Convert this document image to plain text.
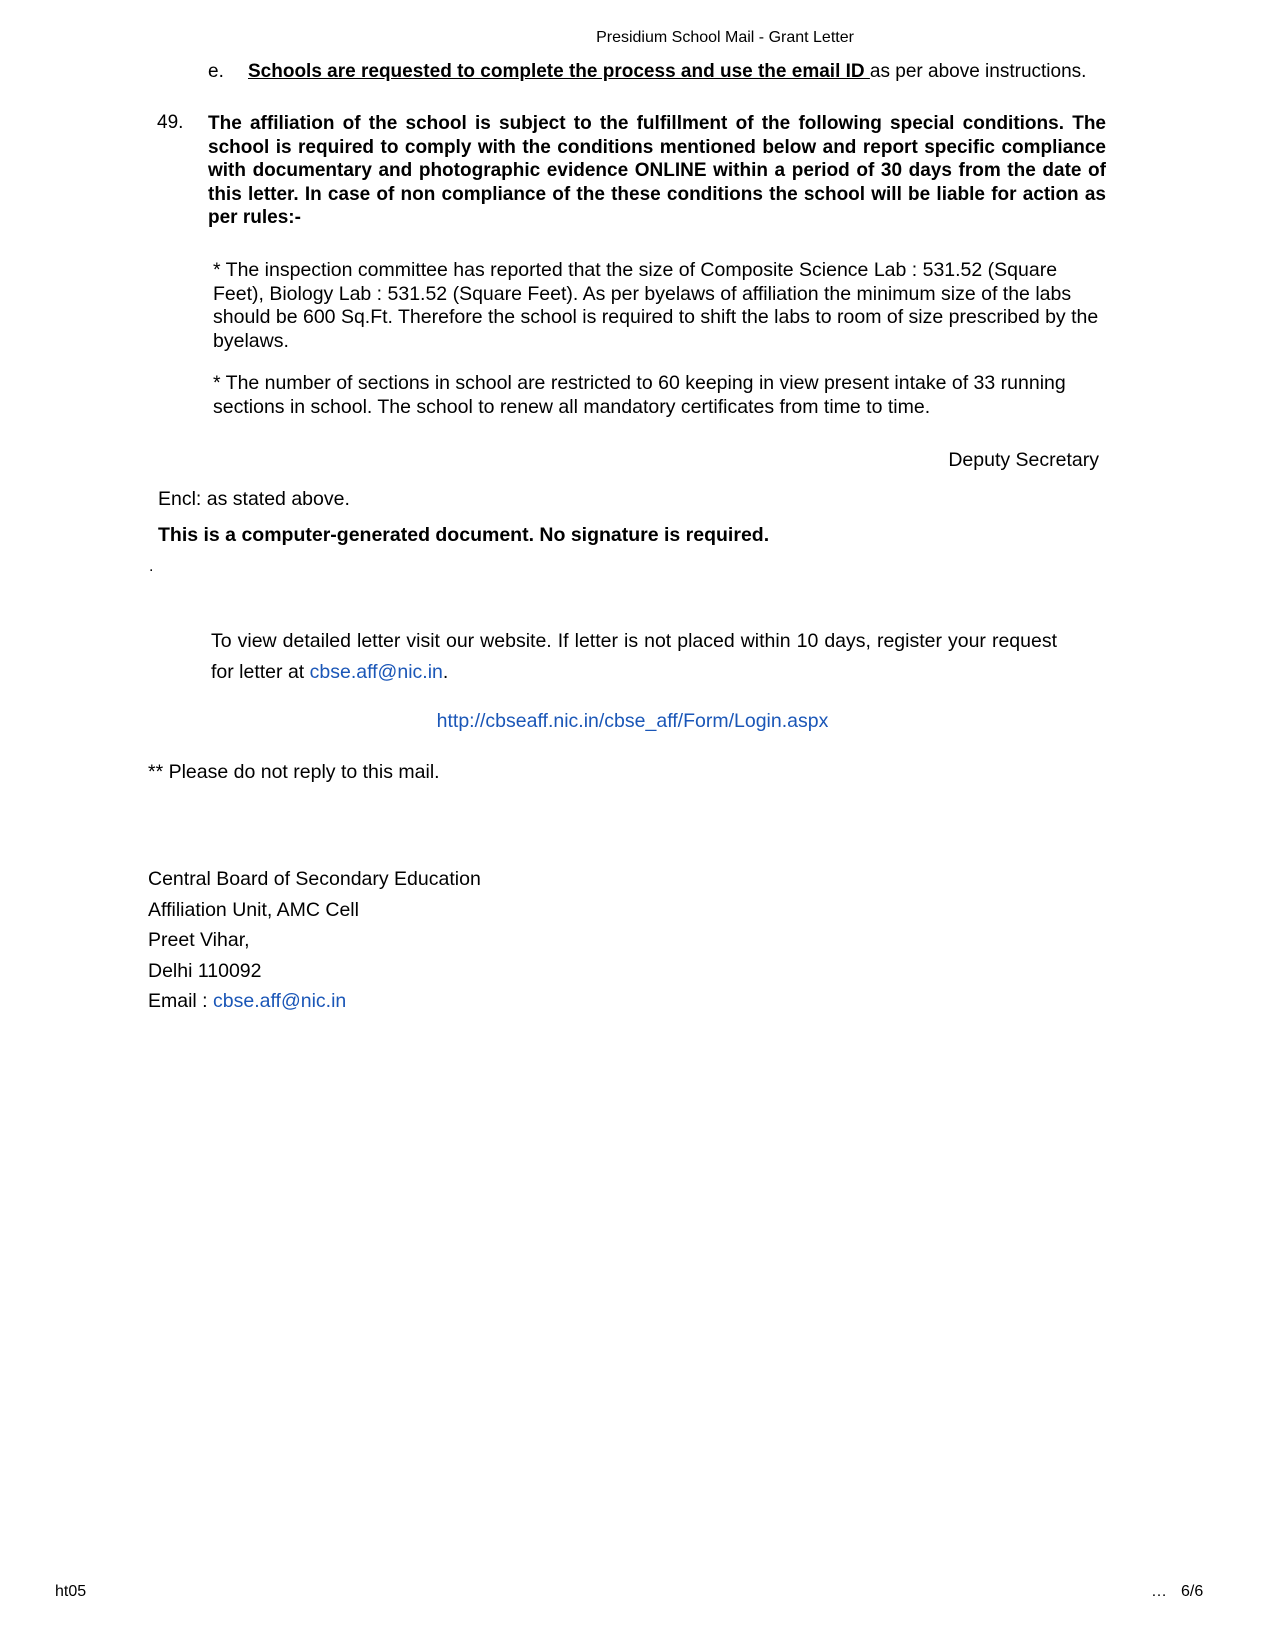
Presidium School Mail - Grant Letter
e. Schools are requested to complete the process and use the email ID as per above instructions.
49. The affiliation of the school is subject to the fulfillment of the following special conditions. The school is required to comply with the conditions mentioned below and report specific compliance with documentary and photographic evidence ONLINE within a period of 30 days from the date of this letter. In case of non compliance of the these conditions the school will be liable for action as per rules:-
* The inspection committee has reported that the size of Composite Science Lab : 531.52 (Square Feet), Biology Lab : 531.52 (Square Feet). As per byelaws of affiliation the minimum size of the labs should be 600 Sq.Ft. Therefore the school is required to shift the labs to room of size prescribed by the byelaws.
* The number of sections in school are restricted to 60 keeping in view present intake of 33 running sections in school. The school to renew all mandatory certificates from time to time.
Deputy Secretary
Encl: as stated above.
This is a computer-generated document. No signature is required.
.
To view detailed letter visit our website. If letter is not placed within 10 days, register your request for letter at cbse.aff@nic.in.
http://cbseaff.nic.in/cbse_aff/Form/Login.aspx
** Please do not reply to this mail.
Central Board of Secondary Education
Affiliation Unit, AMC Cell
Preet Vihar,
Delhi 110092
Email : cbse.aff@nic.in
ht05	… 6/6
